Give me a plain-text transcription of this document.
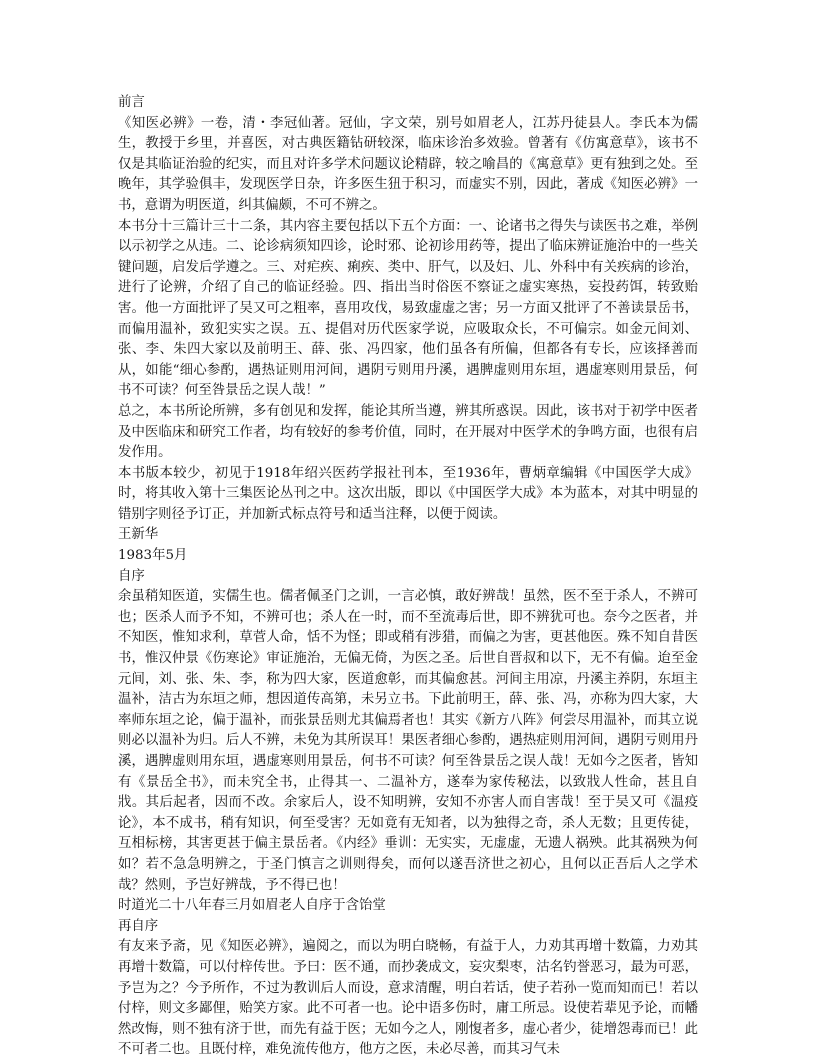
前言

《知医必辨》一卷，清・李冠仙著。冠仙，字文荣，别号如眉老人，江苏丹徒县人。李氏本为儒生，教授于乡里，并喜医，对古典医籍钻研较深，临床诊治多效验。曾著有《仿寓意草》，该书不仅是其临证治验的纪实，而且对许多学术问题议论精辟，较之喻昌的《寓意草》更有独到之处。至晚年，其学验俱丰，发现医学日杂，许多医生狃于积习，而虚实不别，因此，著成《知医必辨》一书，意谓为明医道，纠其偏颇，不可不辨之。

本书分十三篇计三十二条，其内容主要包括以下五个方面：一、论诸书之得失与读医书之难，举例以示初学之从违。二、论诊病须知四诊，论时邪、论初诊用药等，提出了临床辨证施治中的一些关键问题，启发后学遵之。三、对疟疾、痢疾、类中、肝气，以及妇、儿、外科中有关疾病的诊治，进行了论辨，介绍了自己的临证经验。四、指出当时俗医不察证之虚实寒热，妄投药饵，转致贻害。他一方面批评了吴又可之粗率，喜用攻伐，易致虚虚之害；另一方面又批评了不善读景岳书，而偏用温补，致犯实实之误。五、提倡对历代医家学说，应吸取众长，不可偏宗。如金元间刘、张、李、朱四大家以及前明王、薛、张、冯四家，他们虽各有所偏，但都各有专长，应该择善而从，如能“细心参酌，遇热证则用河间，遇阴亏则用丹溪，遇脾虚则用东垣，遇虚寒则用景岳，何书不可读？何至咎景岳之误人哉！”

总之，本书所论所辨，多有创见和发挥，能论其所当遵，辨其所惑误。因此，该书对于初学中医者及中医临床和研究工作者，均有较好的参考价值，同时，在开展对中医学术的争鸣方面，也很有启发作用。

本书版本较少，初见于1918年绍兴医药学报社刊本，至1936年，曹炳章编辑《中国医学大成》时，将其收入第十三集医论丛刊之中。这次出版，即以《中国医学大成》本为蓝本，对其中明显的错别字则径予订正，并加新式标点符号和适当注释，以便于阅读。

王新华

1983年5月

自序

余虽稍知医道，实儒生也。儒者佩圣门之训，一言必慎，敢好辨哉！虽然，医不至于杀人，不辨可也；医杀人而予不知，不辨可也；杀人在一时，而不至流毒后世，即不辨犹可也。奈今之医者，并不知医，惟知求利，草菅人命，恬不为怪；即或稍有涉猎，而偏之为害，更甚他医。殊不知自昔医书，惟汉仲景《伤寒论》审证施治，无偏无倚，为医之圣。后世自晋叔和以下，无不有偏。迨至金元间，刘、张、朱、李，称为四大家，医道愈彰，而其偏愈甚。河间主用凉，丹溪主养阴，东垣主温补，洁古为东垣之师，想因道传高第，未另立书。下此前明王，薛、张、冯，亦称为四大家，大率师东垣之论，偏于温补，而张景岳则尤其偏焉者也！其实《新方八阵》何尝尽用温补，而其立说则必以温补为归。后人不辨，未免为其所误耳！果医者细心参酌，遇热症则用河间，遇阴亏则用丹溪，遇脾虚则用东垣，遇虚寒则用景岳，何书不可读？何至咎景岳之误人哉！无如今之医者，皆知有《景岳全书》，而未究全书，止得其一、二温补方，遂奉为家传秘法，以致戕人性命，甚且自戕。其后起者，因而不改。余家后人，设不知明辨，安知不亦害人而自害哉！至于吴又可《温疫论》，本不成书，稍有知识，何至受害？无如竟有无知者，以为独得之奇，杀人无数；且更传徒，互相标榜，其害更甚于偏主景岳者。《内经》垂训：无实实，无虚虚，无遗人祸殃。此其祸殃为何如？若不急急明辨之，于圣门慎言之训则得矣，而何以遂吾济世之初心，且何以正吾后人之学术哉？然则，予岂好辨哉，予不得已也！

时道光二十八年春三月如眉老人自序于含饴堂

再自序

有友来予斋，见《知医必辨》，遍阅之，而以为明白晓畅，有益于人，力劝其再增十数篇，力劝其再增十数篇，可以付梓传世。予曰：医不通，而抄袭成文，妄灾梨枣，沽名钓誉恶习，最为可恶，予岂为之？今予所作，不过为教训后人而设，意求清醒，明白若话，使子若孙一览而知而已！若以付梓，则文多鄙俚，贻笑方家。此不可者一也。论中语多伤时，庸工所忌。设使若辈见予论，而幡然改悔，则不独有济于世，而先有益于医；无如今之人，刚愎者多，虚心者少，徒增怨毒而已！此不可者二也。且既付梓，难免流传他方，他方之医，未必尽善，而其习气未
